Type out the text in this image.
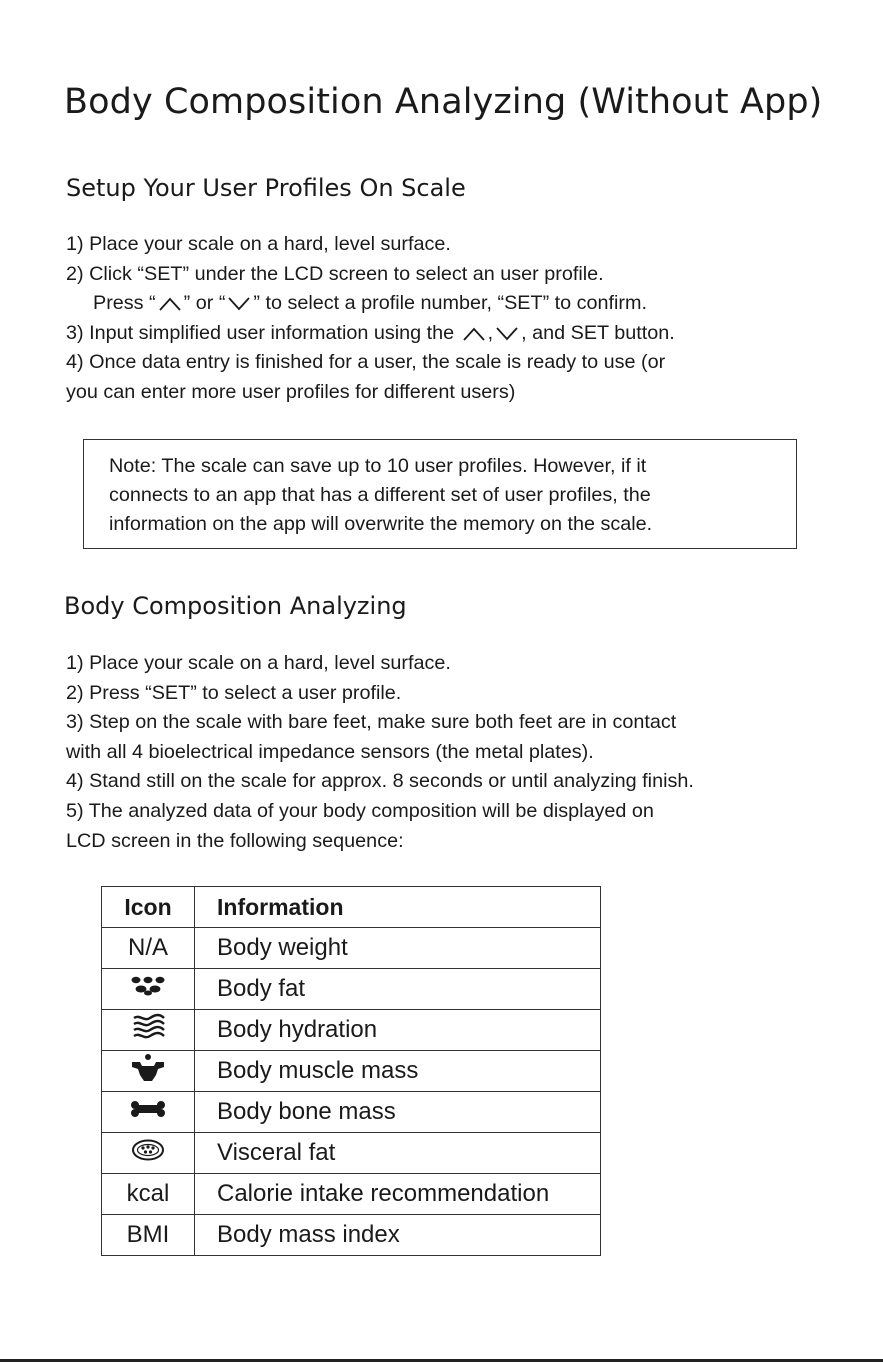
Body Composition Analyzing (Without App)
Setup Your User Profiles On Scale
1) Place your scale on a hard, level surface.
2) Click “SET” under the LCD screen to select an user profile.
Press “ ” or “ ” to select a profile number, “SET” to confirm.
3) Input simplified user information using the , , and SET button.
4) Once data entry is finished for a user, the scale is ready to use (or
you can enter more user profiles for different users)
Note: The scale can save up to 10 user profiles. However, if it
connects to an app that has a different set of user profiles, the
information on the app will overwrite the memory on the scale.
Body Composition Analyzing
1) Place your scale on a hard, level surface.
2) Press “SET” to select a user profile.
3) Step on the scale with bare feet, make sure both feet are in contact
with all 4 bioelectrical impedance sensors (the metal plates).
4) Stand still on the scale for approx. 8 seconds or until analyzing finish.
5) The analyzed data of your body composition will be displayed on
LCD screen in the following sequence:
Icon	Information
N/A	Body weight
	Body fat
	Body hydration
	Body muscle mass
	Body bone mass
	Visceral fat
kcal	Calorie intake recommendation
BMI	Body mass index
